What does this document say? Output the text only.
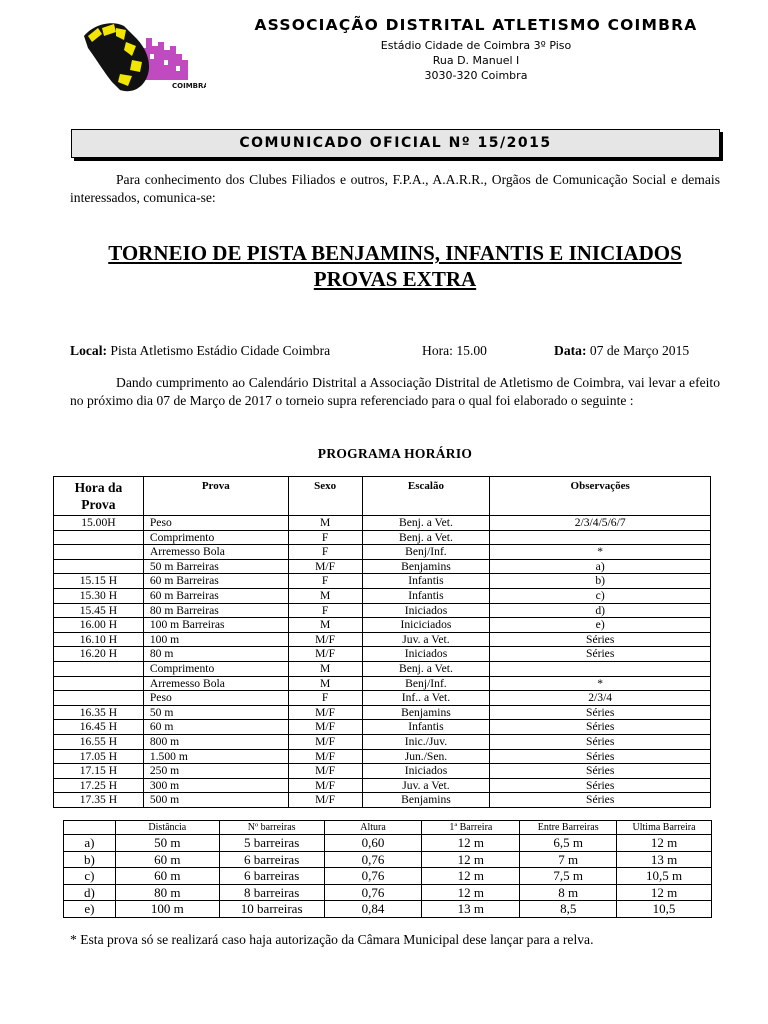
COIMBRA
ASSOCIAÇÃO DISTRITAL ATLETISMO COIMBRA
Estádio Cidade de Coimbra 3º Piso
Rua D. Manuel I
3030-320 Coimbra
COMUNICADO OFICIAL Nº 15/2015
Para conhecimento dos Clubes Filiados e outros, F.P.A., A.A.R.R., Orgãos de Comunicação Social e demais interessados, comunica-se:
TORNEIO DE PISTA BENJAMINS, INFANTIS E INICIADOS
PROVAS EXTRA
Local: Pista Atletismo Estádio Cidade Coimbra	Hora: 15.00	Data: 07 de Março 2015
Dando cumprimento ao Calendário Distrital a Associação Distrital de Atletismo de Coimbra, vai levar a efeito no próximo dia 07 de Março de 2017 o torneio supra referenciado para o qual foi elaborado o seguinte :
PROGRAMA HORÁRIO
Hora da Prova	Prova	Sexo	Escalão	Observações
15.00H	Peso	M	Benj. a Vet.	2/3/4/5/6/7
	Comprimento	F	Benj. a Vet.	
	Arremesso Bola	F	Benj/Inf.	*
	50 m Barreiras	M/F	Benjamins	a)
15.15 H	60 m Barreiras	F	Infantis	b)
15.30 H	60 m Barreiras	M	Infantis	c)
15.45 H	80 m Barreiras	F	Iniciados	d)
16.00 H	100 m Barreiras	M	Iniciciados	e)
16.10 H	100 m	M/F	Juv. a Vet.	Séries
16.20 H	80 m	M/F	Iniciados	Séries
	Comprimento	M	Benj. a Vet.	
	Arremesso Bola	M	Benj/Inf.	*
	Peso	F	Inf.. a Vet.	2/3/4
16.35 H	50 m	M/F	Benjamins	Séries
16.45 H	60 m	M/F	Infantis	Séries
16.55 H	800 m	M/F	Inic./Juv.	Séries
17.05 H	1.500 m	M/F	Jun./Sen.	Séries
17.15 H	250 m	M/F	Iniciados	Séries
17.25 H	300 m	M/F	Juv. a Vet.	Séries
17.35 H	500 m	M/F	Benjamins	Séries
	Distância	Nº barreiras	Altura	1ª Barreira	Entre Barreiras	Ultima Barreira
a)	50 m	5 barreiras	0,60	12 m	6,5 m	12 m
b)	60 m	6 barreiras	0,76	12 m	7 m	13 m
c)	60 m	6 barreiras	0,76	12 m	7,5 m	10,5 m
d)	80 m	8 barreiras	0,76	12 m	8 m	12 m
e)	100 m	10 barreiras	0,84	13 m	8,5	10,5
* Esta prova só se realizará caso haja autorização da Câmara Municipal dese lançar para a relva.
